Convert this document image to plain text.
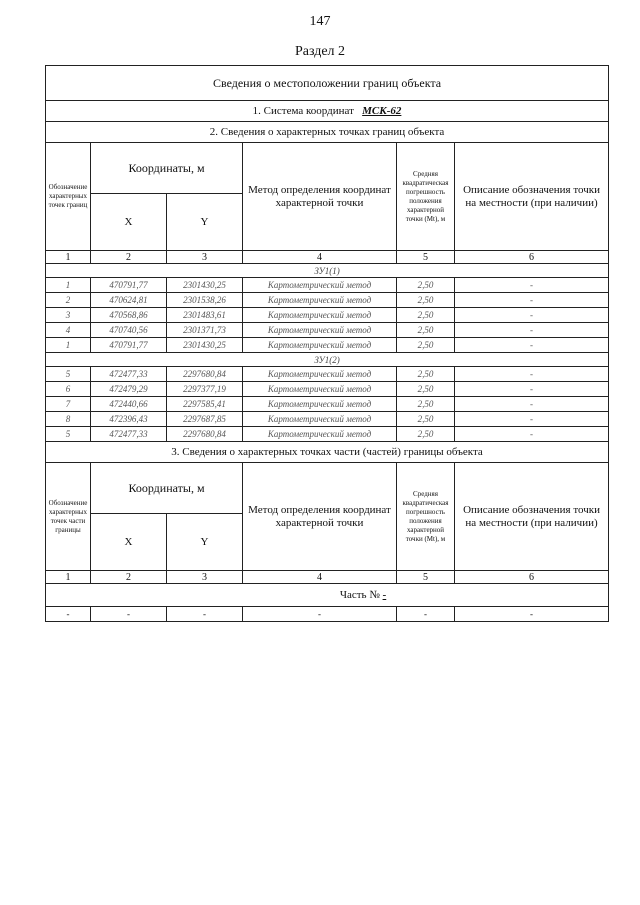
147
Раздел 2
Сведения о местоположении границ объекта					
1. Система координат МСК-62					
2. Сведения о характерных точках границ объекта					
Обозначение характерных точек границ	Координаты, м		Метод определения координат характерной точки	Средняя квадратическая погрешность положения характерной точки (Mt), м	Описание обозначения точки на местности (при наличии)
	X	Y			
1	2	3	4	5	6
ЗУ1(1)					
1	470791,77	2301430,25	Картометрический метод	2,50	-
2	470624,81	2301538,26	Картометрический метод	2,50	-
3	470568,86	2301483,61	Картометрический метод	2,50	-
4	470740,56	2301371,73	Картометрический метод	2,50	-
1	470791,77	2301430,25	Картометрический метод	2,50	-
ЗУ1(2)					
5	472477,33	2297680,84	Картометрический метод	2,50	-
6	472479,29	2297377,19	Картометрический метод	2,50	-
7	472440,66	2297585,41	Картометрический метод	2,50	-
8	472396,43	2297687,85	Картометрический метод	2,50	-
5	472477,33	2297680,84	Картометрический метод	2,50	-
3. Сведения о характерных точках части (частей) границы объекта					
Обозначение характерных точек части границы	Координаты, м		Метод определения координат характерной точки	Средняя квадратическая погрешность положения характерной точки (Mt), м	Описание обозначения точки на местности (при наличии)
	X	Y			
1	2	3	4	5	6
Часть № -					
-	-	-	-	-	-
